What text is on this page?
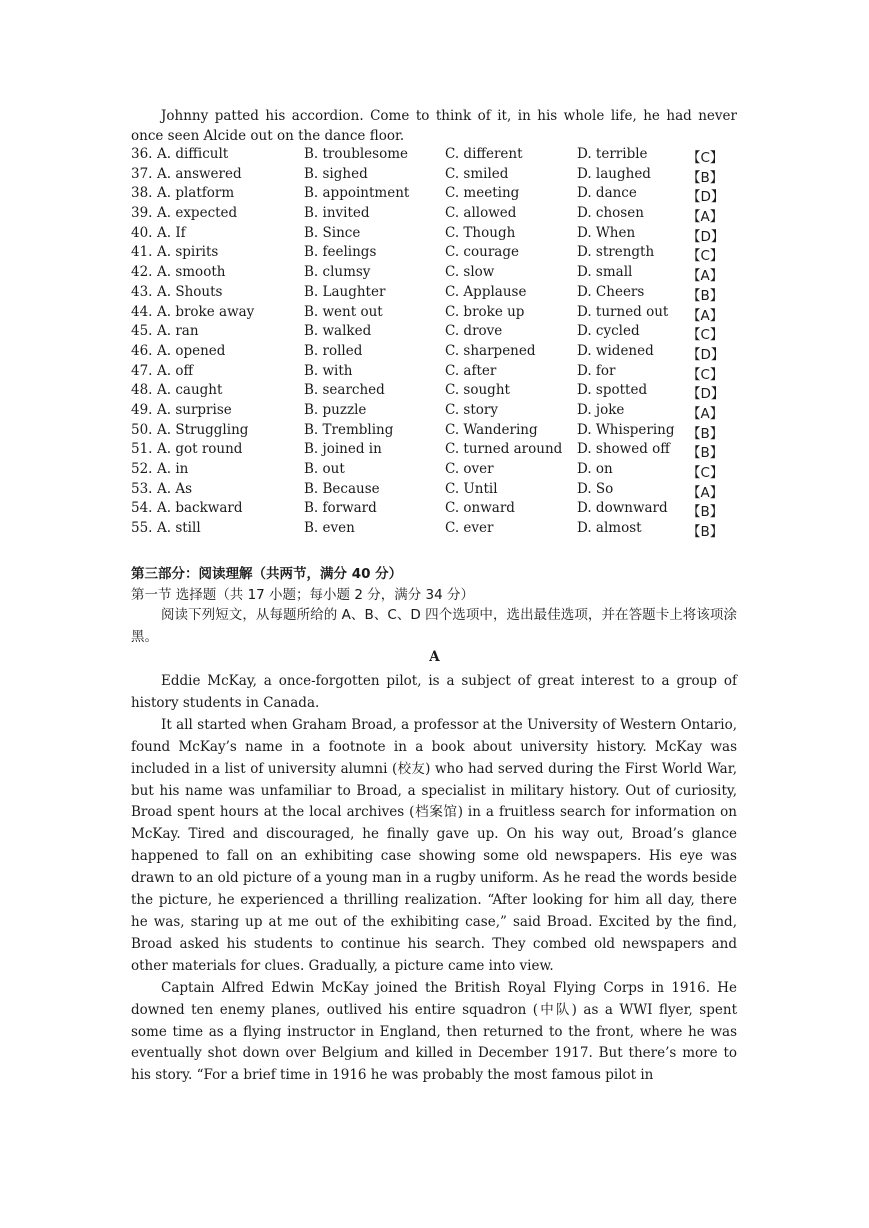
Johnny patted his accordion. Come to think of it, in his whole life, he had never once seen Alcide out on the dance floor.

36. A. difficult	B. troublesome	C. different	D. terrible	【C】
37. A. answered	B. sighed	C. smiled	D. laughed	【B】
38. A. platform	B. appointment	C. meeting	D. dance	【D】
39. A. expected	B. invited	C. allowed	D. chosen	【A】
40. A. If	B. Since	C. Though	D. When	【D】
41. A. spirits	B. feelings	C. courage	D. strength 【C】
42. A. smooth	B. clumsy	C. slow	D. small	【A】
43. A. Shouts	B. Laughter	C. Applause	D. Cheers	【B】
44. A. broke away	B. went out	C. broke up	D. turned out 【A】
45. A. ran	B. walked	C. drove	D. cycled	【C】
46. A. opened	B. rolled	C. sharpened	D. widened 【D】
47. A. off	B. with	C. after	D. for	【C】
48. A. caught	B. searched	C. sought	D. spotted	【D】
49. A. surprise	B. puzzle	C. story	D. joke	【A】
50. A. Struggling	B. Trembling	C. Wandering	D. Whispering 【B】
51. A. got round	B. joined in	C. turned around D. showed off 【B】
52. A. in	B. out	C. over	D. on	【C】
53. A. As	B. Because	C. Until	D. So	【A】
54. A. backward	B. forward	C. onward	D. downward 【B】
55. A. still	B. even	C. ever	D. almost	【B】
第三部分：阅读理解（共两节，满分 40 分）
第一节 选择题（共 17 小题；每小题 2 分，满分 34 分）

阅读下列短文，从每题所给的 A、B、C、D 四个选项中，选出最佳选项，并在答题卡上将该项涂黑。

A

Eddie McKay, a once-forgotten pilot, is a subject of great interest to a group of history students in Canada.

It all started when Graham Broad, a professor at the University of Western Ontario, found McKay’s name in a footnote in a book about university history. McKay was included in a list of university alumni (校友) who had served during the First World War, but his name was unfamiliar to Broad, a specialist in military history. Out of curiosity, Broad spent hours at the local archives (档案馆) in a fruitless search for information on McKay. Tired and discouraged, he finally gave up. On his way out, Broad’s glance happened to fall on an exhibiting case showing some old newspapers. His eye was drawn to an old picture of a young man in a rugby uniform. As he read the words beside the picture, he experienced a thrilling realization. “After looking for him all day, there he was, staring up at me out of the exhibiting case,” said Broad. Excited by the find, Broad asked his students to continue his search. They combed old newspapers and other materials for clues. Gradually, a picture came into view.

Captain Alfred Edwin McKay joined the British Royal Flying Corps in 1916. He downed ten enemy planes, outlived his entire squadron (中队) as a WWI flyer, spent some time as a flying instructor in England, then returned to the front, where he was eventually shot down over Belgium and killed in December 1917. But there’s more to his story. “For a brief time in 1916 he was probably the most famous pilot in
